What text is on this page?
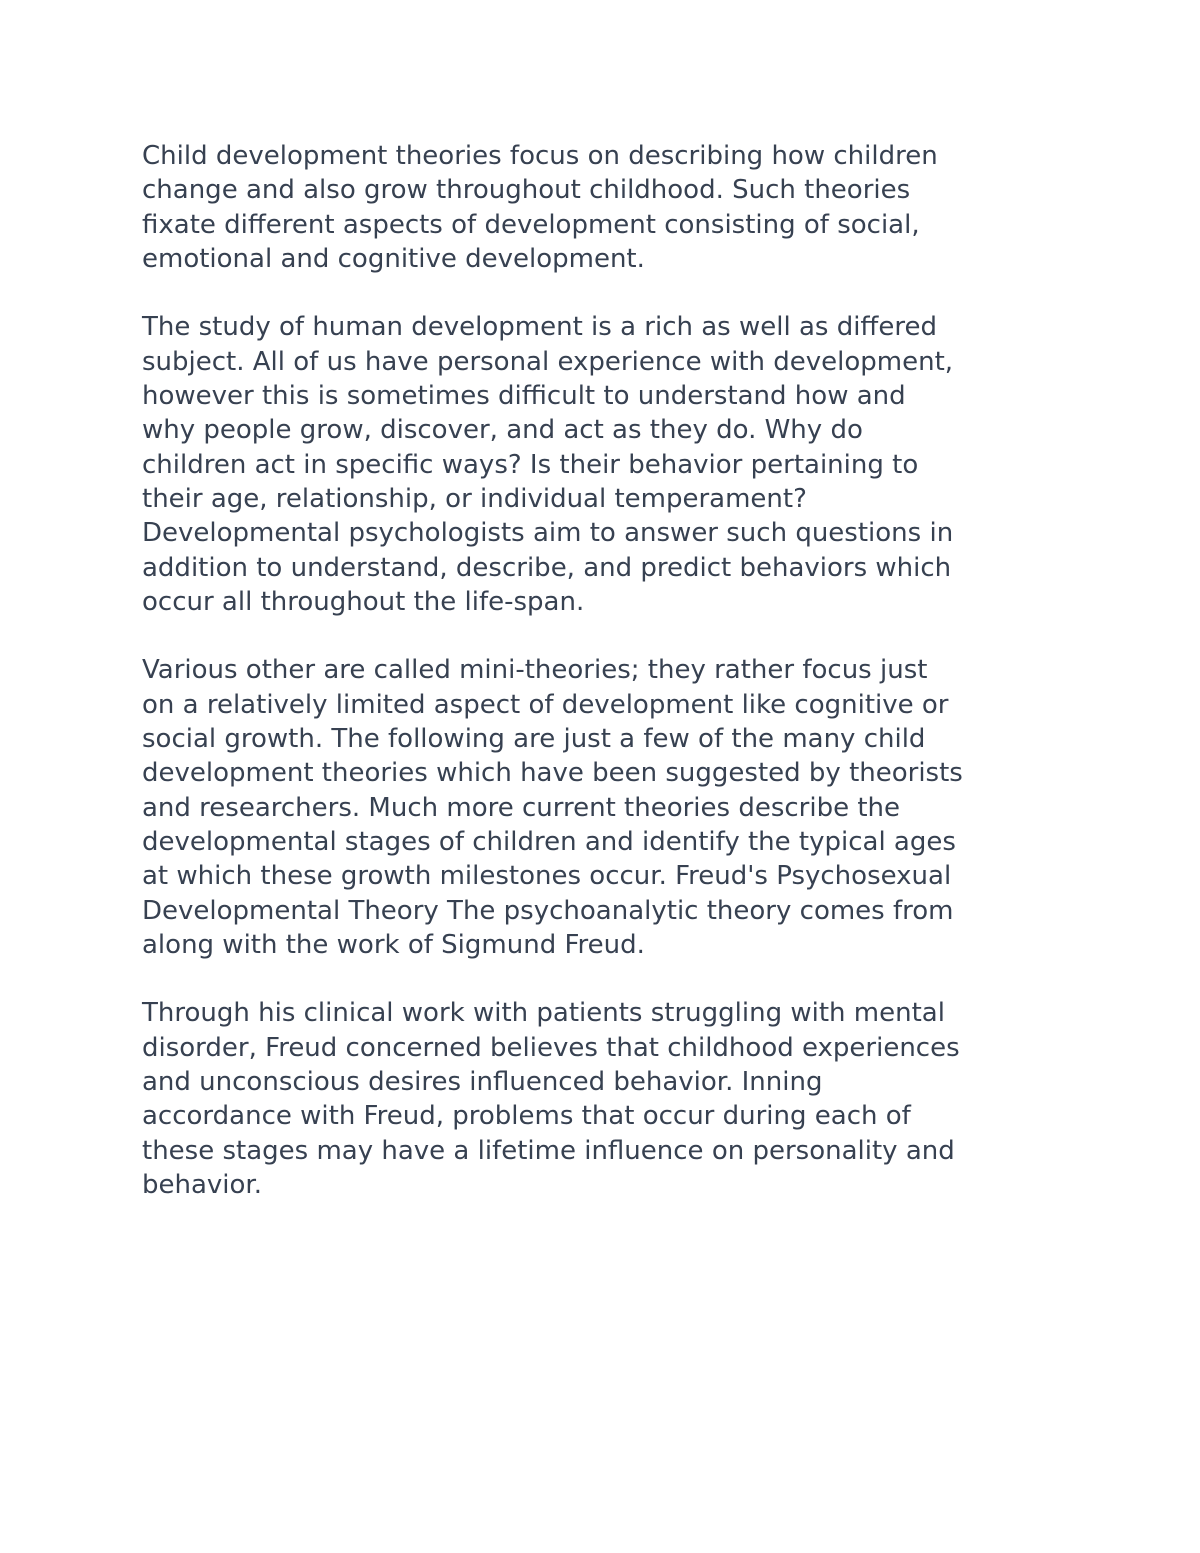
Child development theories focus on describing how children
change and also grow throughout childhood. Such theories
fixate different aspects of development consisting of social,
emotional and cognitive development.

The study of human development is a rich as well as differed
subject. All of us have personal experience with development,
however this is sometimes difficult to understand how and
why people grow, discover, and act as they do. Why do
children act in specific ways? Is their behavior pertaining to
their age, relationship, or individual temperament?
Developmental psychologists aim to answer such questions in
addition to understand, describe, and predict behaviors which
occur all throughout the life-span.

Various other are called mini-theories; they rather focus just
on a relatively limited aspect of development like cognitive or
social growth. The following are just a few of the many child
development theories which have been suggested by theorists
and researchers. Much more current theories describe the
developmental stages of children and identify the typical ages
at which these growth milestones occur. Freud's Psychosexual
Developmental Theory The psychoanalytic theory comes from
along with the work of Sigmund Freud.

Through his clinical work with patients struggling with mental
disorder, Freud concerned believes that childhood experiences
and unconscious desires influenced behavior. Inning
accordance with Freud, problems that occur during each of
these stages may have a lifetime influence on personality and
behavior.
